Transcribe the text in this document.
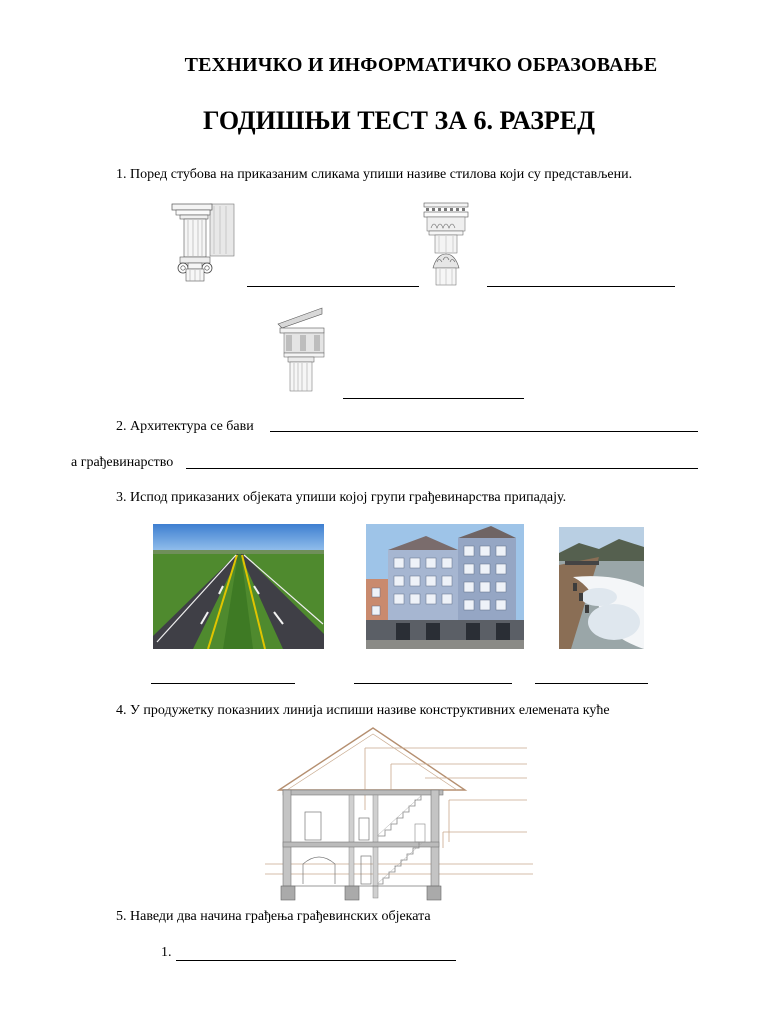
ТЕХНИЧКО И ИНФОРМАТИЧКО ОБРАЗОВАЊЕ
ГОДИШЊИ ТЕСТ ЗА 6. РАЗРЕД
1. Поред стубова на приказаним сликама упиши називе стилова који су представљени.
2. Архитектура се бави
а грађевинарство
3. Испод приказаних објеката упиши којој групи грађевинарства припадају.
4. У продужетку показниих линија испиши називе конструктивних елемената куће
5. Наведи два начина грађења грађевинских објеката
1.
